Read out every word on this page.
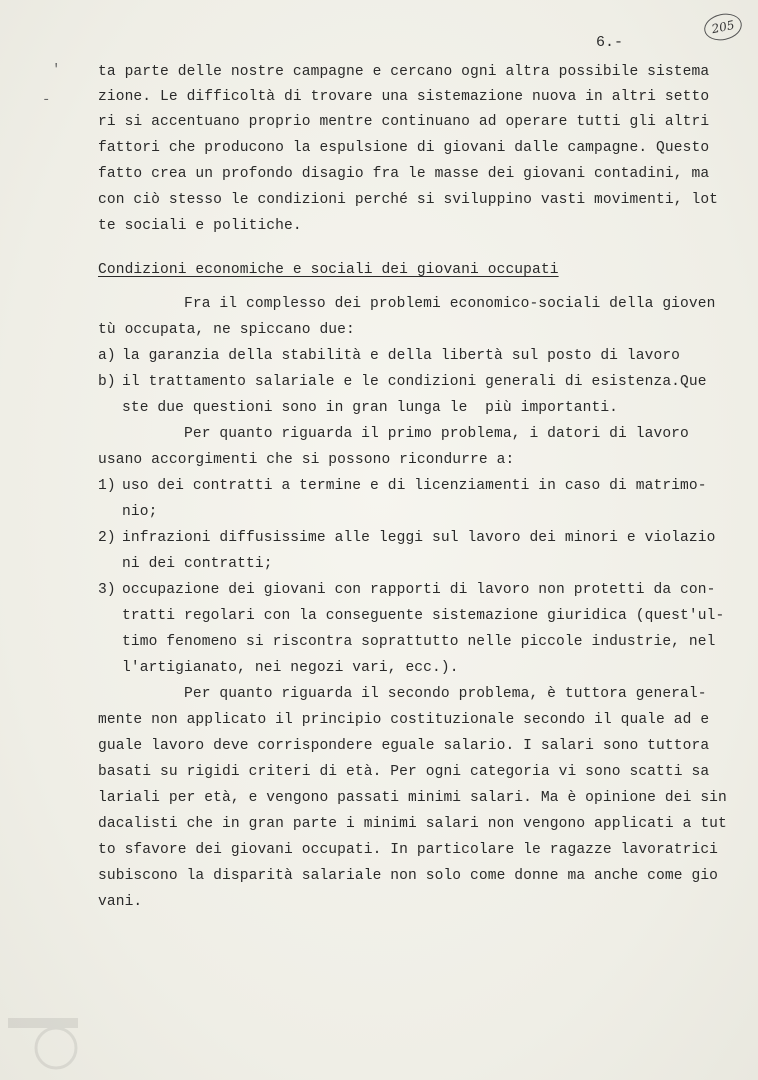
205
6.-
'
-
ta parte delle nostre campagne e cercano ogni altra possibile sistema
zione. Le difficoltà di trovare una sistemazione nuova in altri setto
ri si accentuano proprio mentre continuano ad operare tutti gli altri
fattori che producono la espulsione di giovani dalle campagne. Questo
fatto crea un profondo disagio fra le masse dei giovani contadini, ma
con ciò stesso le condizioni perché si sviluppino vasti movimenti, lot
te sociali e politiche.
Condizioni economiche e sociali dei giovani occupati
Fra il complesso dei problemi economico-sociali della gioven
tù occupata, ne spiccano due:
a) la garanzia della stabilità e della libertà sul posto di lavoro
b) il trattamento salariale e le condizioni generali di esistenza.Que
ste due questioni sono in gran lunga le  più importanti.
Per quanto riguarda il primo problema, i datori di lavoro
usano accorgimenti che si possono ricondurre a:
1) uso dei contratti a termine e di licenziamenti in caso di matrimo-
nio;
2) infrazioni diffusissime alle leggi sul lavoro dei minori e violazio
ni dei contratti;
3) occupazione dei giovani con rapporti di lavoro non protetti da con-
tratti regolari con la conseguente sistemazione giuridica (quest'ul-
timo fenomeno si riscontra soprattutto nelle piccole industrie, nel
l'artigianato, nei negozi vari, ecc.).
Per quanto riguarda il secondo problema, è tuttora general-
mente non applicato il principio costituzionale secondo il quale ad e
guale lavoro deve corrispondere eguale salario. I salari sono tuttora
basati su rigidi criteri di età. Per ogni categoria vi sono scatti sa
lariali per età, e vengono passati minimi salari. Ma è opinione dei sin
dacalisti che in gran parte i minimi salari non vengono applicati a tut
to sfavore dei giovani occupati. In particolare le ragazze lavoratrici
subiscono la disparità salariale non solo come donne ma anche come gio
vani.
